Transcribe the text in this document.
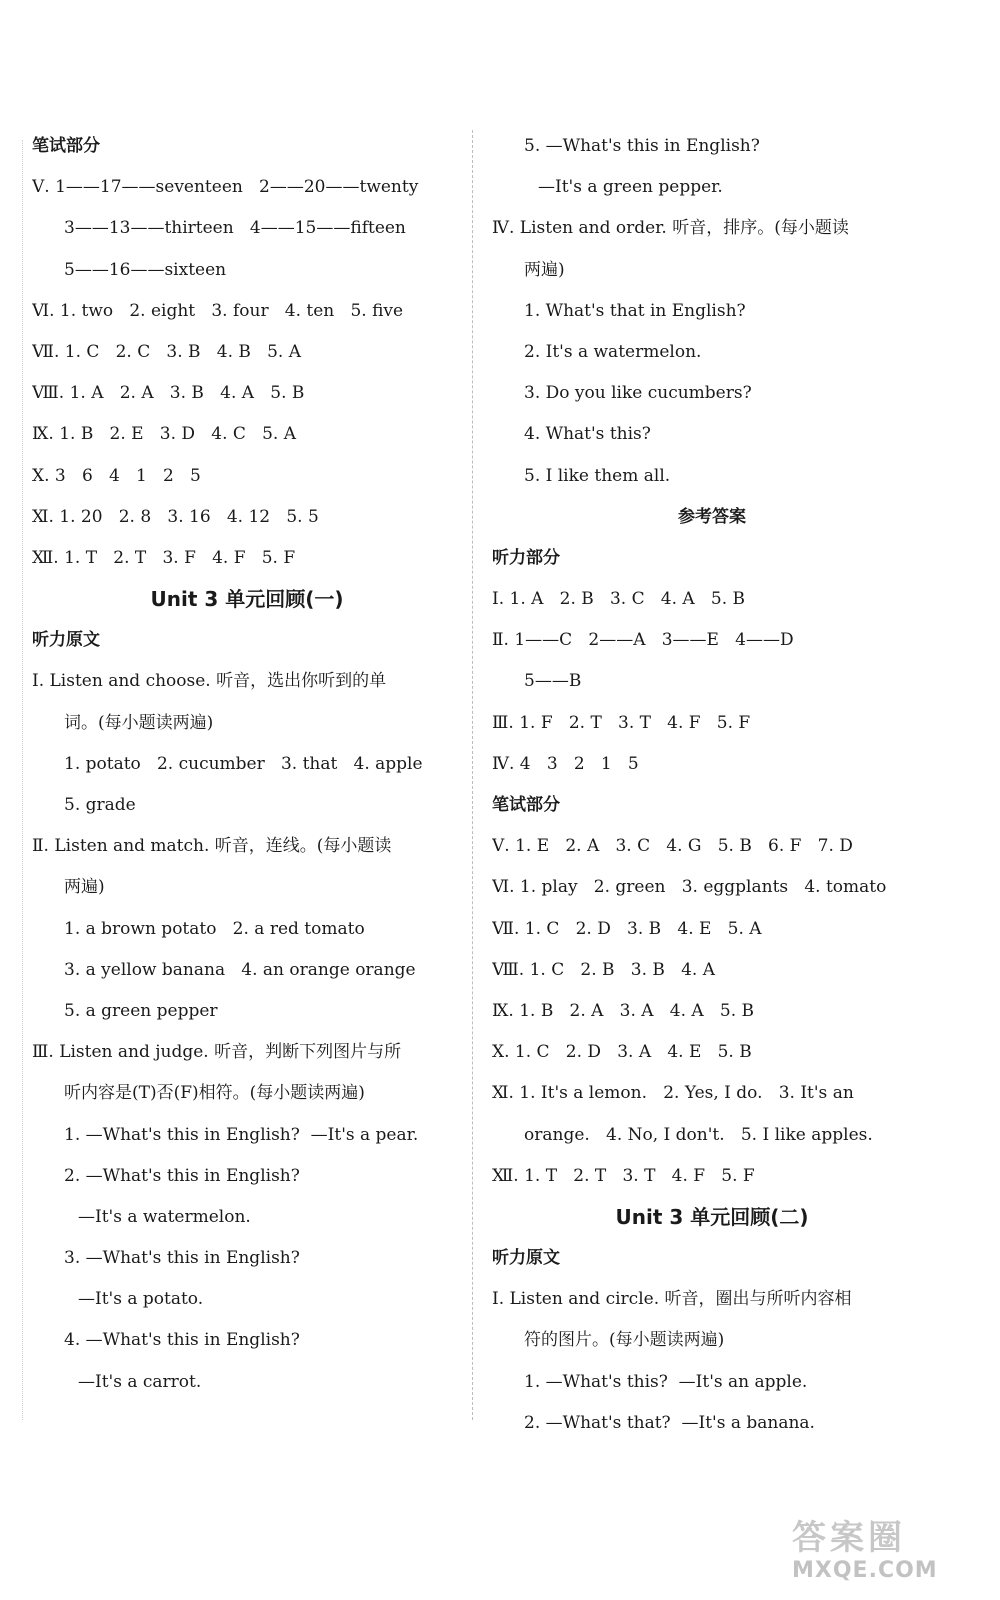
笔试部分
Ⅴ. 1——17——seventeen   2——20——twenty
3——13——thirteen   4——15——fifteen
5——16——sixteen
Ⅵ. 1. two   2. eight   3. four   4. ten   5. five
Ⅶ. 1. C   2. C   3. B   4. B   5. A
Ⅷ. 1. A   2. A   3. B   4. A   5. B
Ⅸ. 1. B   2. E   3. D   4. C   5. A
Ⅹ. 3   6   4   1   2   5
Ⅺ. 1. 20   2. 8   3. 16   4. 12   5. 5
Ⅻ. 1. T   2. T   3. F   4. F   5. F
Unit 3 单元回顾(一)
听力原文
Ⅰ. Listen and choose. 听音，选出你听到的单
词。(每小题读两遍)
1. potato   2. cucumber   3. that   4. apple
5. grade
Ⅱ. Listen and match. 听音，连线。(每小题读
两遍)
1. a brown potato   2. a red tomato
3. a yellow banana   4. an orange orange
5. a green pepper
Ⅲ. Listen and judge. 听音，判断下列图片与所
听内容是(T)否(F)相符。(每小题读两遍)
1. —What's this in English?  —It's a pear.
2. —What's this in English?
—It's a watermelon.
3. —What's this in English?
—It's a potato.
4. —What's this in English?
—It's a carrot.
5. —What's this in English?
—It's a green pepper.
Ⅳ. Listen and order. 听音，排序。(每小题读
两遍)
1. What's that in English?
2. It's a watermelon.
3. Do you like cucumbers?
4. What's this?
5. I like them all.
参考答案
听力部分
Ⅰ. 1. A   2. B   3. C   4. A   5. B
Ⅱ. 1——C   2——A   3——E   4——D
5——B
Ⅲ. 1. F   2. T   3. T   4. F   5. F
Ⅳ. 4   3   2   1   5
笔试部分
Ⅴ. 1. E   2. A   3. C   4. G   5. B   6. F   7. D
Ⅵ. 1. play   2. green   3. eggplants   4. tomato
Ⅶ. 1. C   2. D   3. B   4. E   5. A
Ⅷ. 1. C   2. B   3. B   4. A
Ⅸ. 1. B   2. A   3. A   4. A   5. B
Ⅹ. 1. C   2. D   3. A   4. E   5. B
Ⅺ. 1. It's a lemon.   2. Yes, I do.   3. It's an
orange.   4. No, I don't.   5. I like apples.
Ⅻ. 1. T   2. T   3. T   4. F   5. F
Unit 3 单元回顾(二)
听力原文
Ⅰ. Listen and circle. 听音，圈出与所听内容相
符的图片。(每小题读两遍)
1. —What's this?  —It's an apple.
2. —What's that?  —It's a banana.
答案圈
MXQE.COM
